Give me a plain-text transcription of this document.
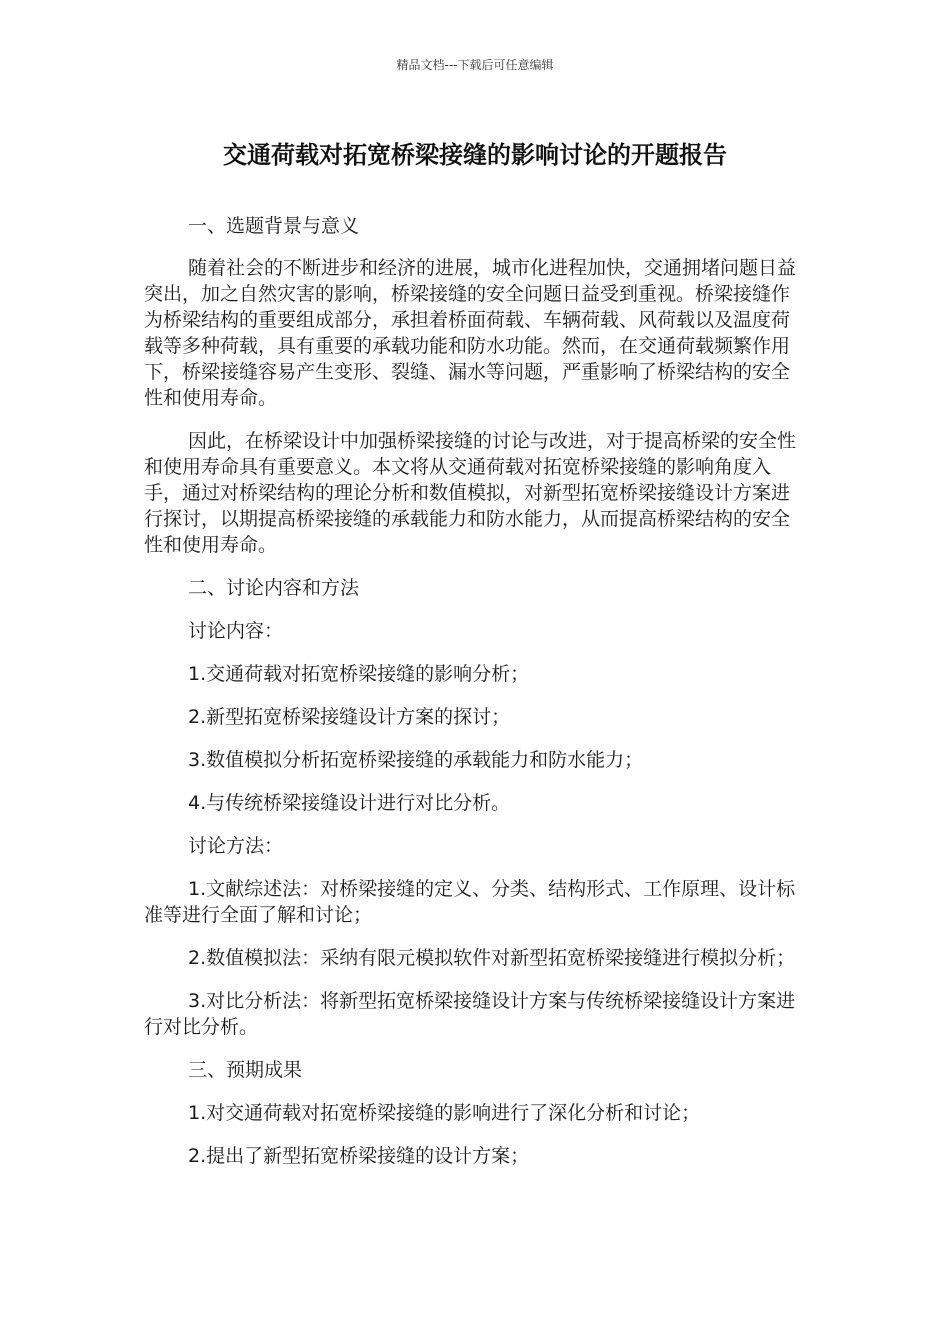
精品文档---下载后可任意编辑
交通荷载对拓宽桥梁接缝的影响讨论的开题报告

一、选题背景与意义

随着社会的不断进步和经济的进展，城市化进程加快，交通拥堵问题日益突出，加之自然灾害的影响，桥梁接缝的安全问题日益受到重视。桥梁接缝作为桥梁结构的重要组成部分，承担着桥面荷载、车辆荷载、风荷载以及温度荷载等多种荷载，具有重要的承载功能和防水功能。然而，在交通荷载频繁作用下，桥梁接缝容易产生变形、裂缝、漏水等问题，严重影响了桥梁结构的安全性和使用寿命。

因此，在桥梁设计中加强桥梁接缝的讨论与改进，对于提高桥梁的安全性和使用寿命具有重要意义。本文将从交通荷载对拓宽桥梁接缝的影响角度入手，通过对桥梁结构的理论分析和数值模拟，对新型拓宽桥梁接缝设计方案进行探讨，以期提高桥梁接缝的承载能力和防水能力，从而提高桥梁结构的安全性和使用寿命。

二、讨论内容和方法

讨论内容：

1.交通荷载对拓宽桥梁接缝的影响分析；

2.新型拓宽桥梁接缝设计方案的探讨；

3.数值模拟分析拓宽桥梁接缝的承载能力和防水能力；

4.与传统桥梁接缝设计进行对比分析。

讨论方法：

1.文献综述法：对桥梁接缝的定义、分类、结构形式、工作原理、设计标准等进行全面了解和讨论；

2.数值模拟法：采纳有限元模拟软件对新型拓宽桥梁接缝进行模拟分析；

3.对比分析法：将新型拓宽桥梁接缝设计方案与传统桥梁接缝设计方案进行对比分析。

三、预期成果

1.对交通荷载对拓宽桥梁接缝的影响进行了深化分析和讨论；

2.提出了新型拓宽桥梁接缝的设计方案；
